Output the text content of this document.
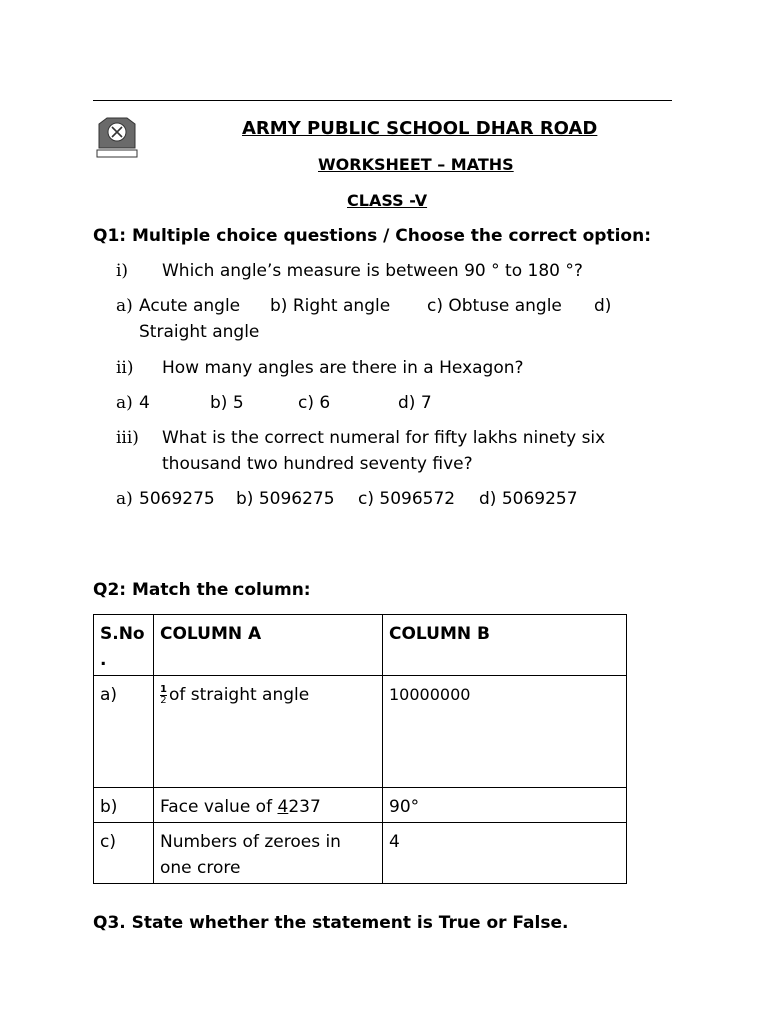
ARMY PUBLIC SCHOOL DHAR ROAD
WORKSHEET – MATHS
CLASS -V
Q1: Multiple choice questions / Choose the correct option:
i) Which angle’s measure is between 90 ° to 180 °?
a) Acute angle b) Right angle c) Obtuse angle d)
Straight angle
ii) How many angles are there in a Hexagon?
a) 4	b) 5	c) 6	d) 7
iii) What is the correct numeral for fifty lakhs ninety six
thousand two hundred seventy five?
a) 5069275 b) 5096275 c) 5096572 d) 5069257
Q2: Match the column:
S.No
.	COLUMN A	COLUMN B
a)	$\frac{1}{2}$ of straight angle	10000000
b)	Face value of 4237	90°
c)	Numbers of zeroes in one crore	4
Q3. State whether the statement is True or False.
